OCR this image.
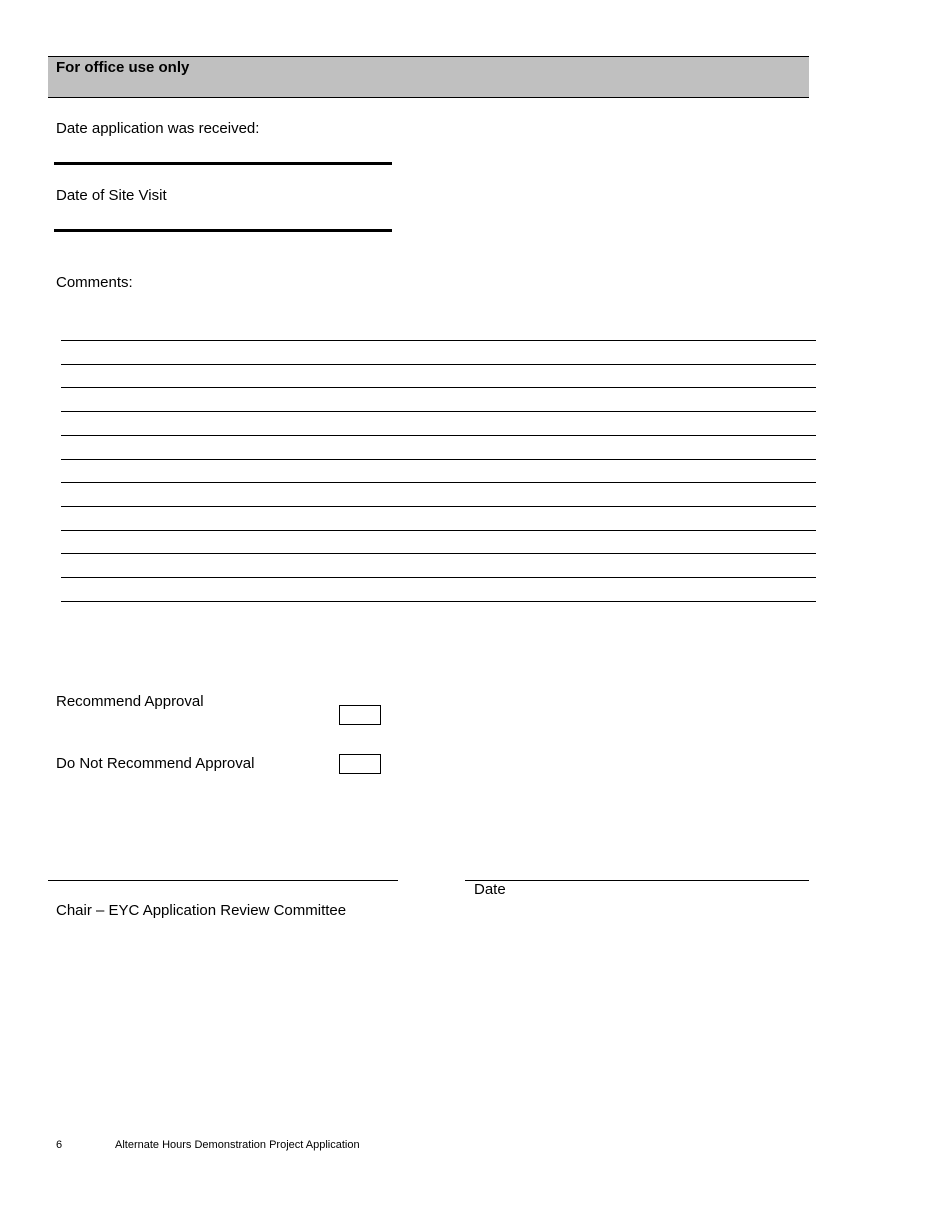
For office use only
Date application was received:
Date of Site Visit
Comments:
Recommend Approval
Do Not Recommend Approval
Date
Chair – EYC Application Review Committee
6	Alternate Hours Demonstration Project Application
